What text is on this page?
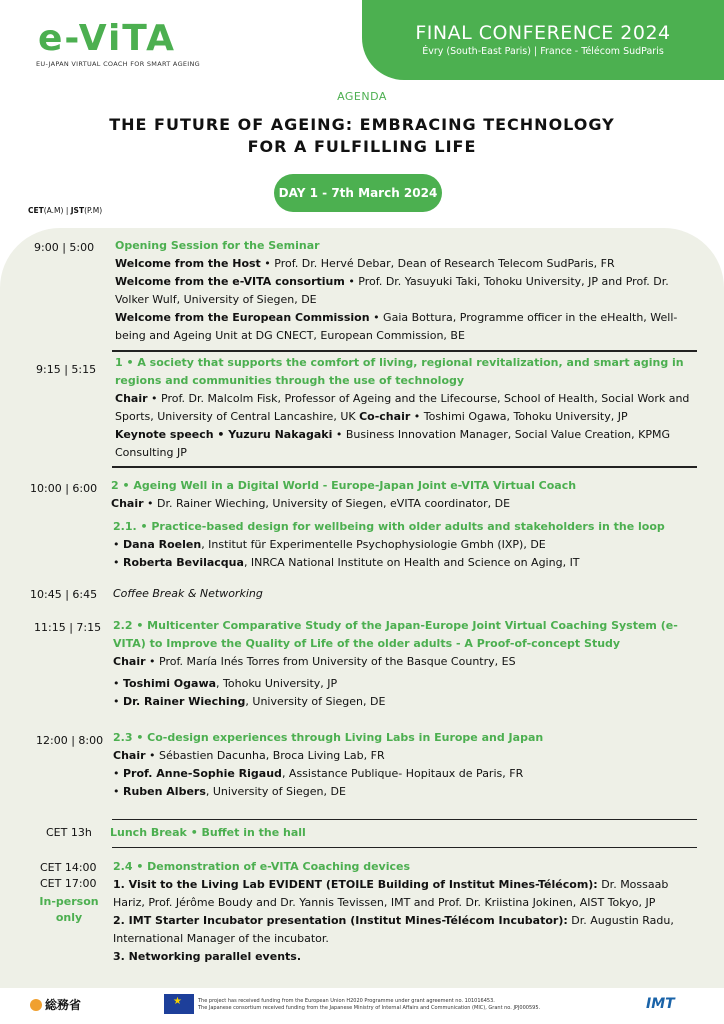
e-ViTA
EU-JAPAN VIRTUAL COACH FOR SMART AGEING
FINAL CONFERENCE 2024
Évry (South-East Paris) | France - Télécom SudParis
AGENDA
THE FUTURE OF AGEING: EMBRACING TECHNOLOGY
FOR A FULFILLING LIFE
DAY 1 - 7th March 2024
CET(A.M) | JST(P.M)
9:00 | 5:00 Opening Session for the Seminar
Welcome from the Host • Prof. Dr. Hervé Debar, Dean of Research Telecom SudParis, FR
Welcome from the e-VITA consortium • Prof. Dr. Yasuyuki Taki, Tohoku University, JP and Prof. Dr. Volker Wulf, University of Siegen, DE
Welcome from the European Commission • Gaia Bottura, Programme officer in the eHealth, Well-being and Ageing Unit at DG CNECT, European Commission, BE
9:15 | 5:15
1 • A society that supports the comfort of living, regional revitalization, and smart aging in regions and communities through the use of technology
Chair • Prof. Dr. Malcolm Fisk, Professor of Ageing and the Lifecourse, School of Health, Social Work and Sports, University of Central Lancashire, UK Co-chair • Toshimi Ogawa, Tohoku University, JP
Keynote speech • Yuzuru Nakagaki • Business Innovation Manager, Social Value Creation, KPMG Consulting JP
10:00 | 6:00 2 • Ageing Well in a Digital World - Europe-Japan Joint e-VITA Virtual Coach
Chair • Dr. Rainer Wieching, University of Siegen, eVITA coordinator, DE
2.1. • Practice-based design for wellbeing with older adults and stakeholders in the loop
• Dana Roelen, Institut für Experimentelle Psychophysiologie Gmbh (IXP), DE
• Roberta Bevilacqua, INRCA National Institute on Health and Science on Aging, IT
10:45 | 6:45 Coffee Break & Networking
11:15 | 7:15 2.2 • Multicenter Comparative Study of the Japan-Europe Joint Virtual Coaching System (e-VITA) to Improve the Quality of Life of the older adults - A Proof-of-concept Study
Chair • Prof. María Inés Torres from University of the Basque Country, ES
• Toshimi Ogawa, Tohoku University, JP
• Dr. Rainer Wieching, University of Siegen, DE
12:00 | 8:00 2.3 • Co-design experiences through Living Labs in Europe and Japan
Chair • Sébastien Dacunha, Broca Living Lab, FR
• Prof. Anne-Sophie Rigaud, Assistance Publique- Hopitaux de Paris, FR
• Ruben Albers, University of Siegen, DE
CET 13h Lunch Break • Buffet in the hall
CET 14:00
CET 17:00
In-person only
2.4 • Demonstration of e-VITA Coaching devices
1. Visit to the Living Lab EVIDENT (ETOILE Building of Institut Mines-Télécom): Dr. Mossaab Hariz, Prof. Jérôme Boudy and Dr. Yannis Tevissen, IMT and Prof. Dr. Kriistina Jokinen, AIST Tokyo, JP
2. IMT Starter Incubator presentation (Institut Mines-Télécom Incubator): Dr. Augustin Radu, International Manager of the incubator.
3. Networking parallel events.
総務省
★	The project has received funding from the European Union H2020 Programme under grant agreement no. 101016453.
The Japanese consortium received funding from the Japanese Ministry of Internal Affairs and Communication (MIC), Grant no. JPJ000595.	IMT
